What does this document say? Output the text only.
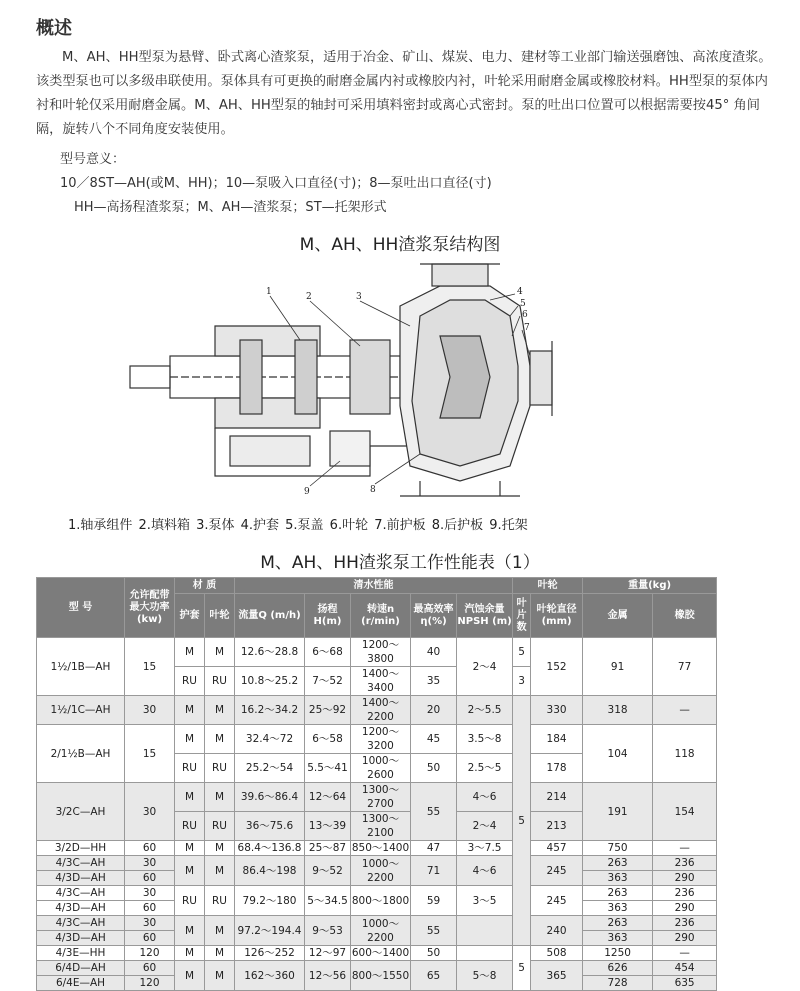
概述

M、AH、HH型泵为悬臂、卧式离心渣浆泵，适用于冶金、矿山、煤炭、电力、建材等工业部门输送强磨蚀、高浓度渣浆。该类型泵也可以多级串联使用。泵体具有可更换的耐磨金属内衬或橡胶内衬，叶轮采用耐磨金属或橡胶材料。HH型泵的泵体内衬和叶轮仅采用耐磨金属。M、AH、HH型泵的轴封可采用填料密封或离心式密封。泵的吐出口位置可以根据需要按45° 角间隔，旋转八个不同角度安装使用。

型号意义：
10／8ST—AH(或M、HH)；10—泵吸入口直径(寸)；8—泵吐出口直径(寸)
HH—高扬程渣浆泵；M、AH—渣浆泵；ST—托架形式
M、AH、HH渣浆泵结构图
1	2	3	4
5
6
7
8
9
1.轴承组件 2.填料箱 3.泵体 4.护套 5.泵盖 6.叶轮 7.前护板 8.后护板 9.托架
M、AH、HH渣浆泵工作性能表（1）
型 号	允许配带最大功率(kw)	材 质		清水性能					叶轮		重量(kg)	
		护套	叶轮	流量Q (m/h)	扬程 H(m)	转速n (r/min)	最高效率 η(%)	汽蚀余量 NPSH (m)	叶片数	叶轮直径 (mm)	金属	橡胶
1½/1B—AH	15	M	M	12.6～28.8	6～68	1200～3800	40	2～4	5	152	91	77
		RU	RU	10.8～25.2	7～52	1400～3400	35		3			
1½/1C—AH	30	M	M	16.2～34.2	25～92	1400～2200	20	2～5.5	5	330	318	—
2/1½B—AH	15	M	M	32.4～72	6～58	1200～3200	45	3.5～8		184	104	118
		RU	RU	25.2～54	5.5～41	1000～2600	50	2.5～5		178		
3/2C—AH	30	M	M	39.6～86.4	12～64	1300～2700	55	4～6		214	191	154
		RU	RU	36～75.6	13～39	1300～2100		2～4		213		
3/2D—HH	60	M	M	68.4～136.8	25～87	850～1400	47	3～7.5		457	750	—
4/3C—AH	30	M	M	86.4～198	9～52	1000～2200	71	4～6		245	263	236
4/3D—AH	60										363	290
4/3C—AH	30	RU	RU	79.2～180	5～34.5	800～1800	59	3～5		245	263	236
4/3D—AH	60										363	290
4/3C—AH	30	M	M	97.2～194.4	9～53	1000～2200	55			240	263	236
4/3D—AH	60										363	290
4/3E—HH	120	M	M	126～252	12～97	600～1400	50		5	508	1250	—
6/4D—AH	60	M	M	162～360	12～56	800～1550	65	5～8		365	626	454
6/4E—AH	120										728	635
